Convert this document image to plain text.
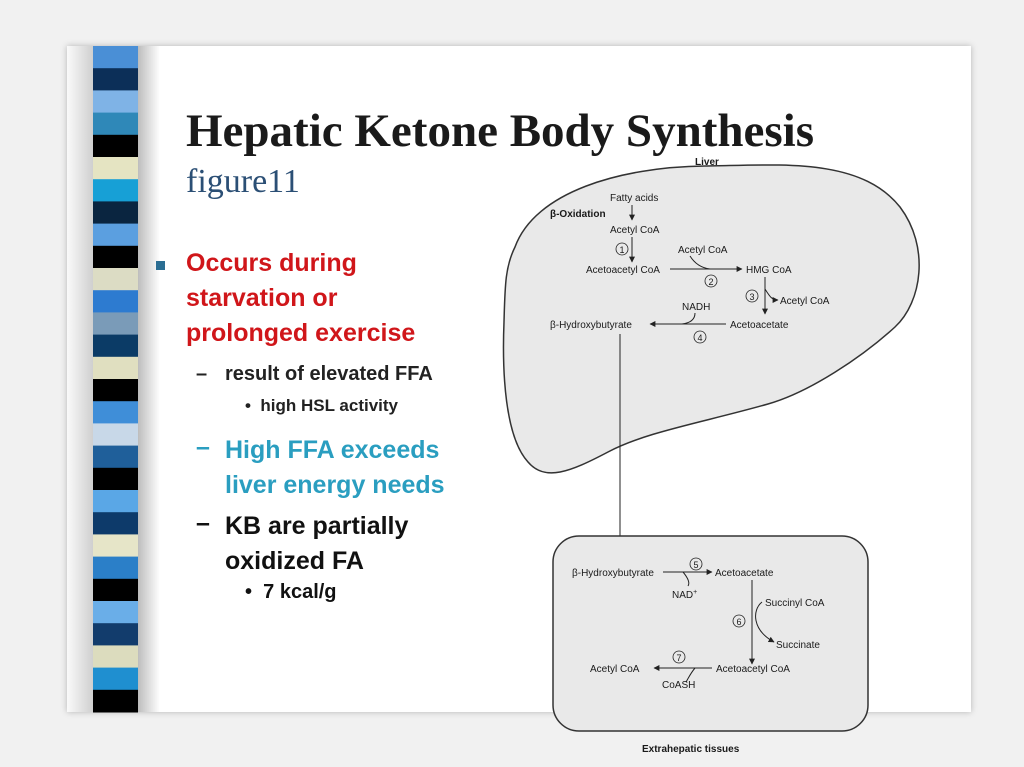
Hepatic Ketone Body Synthesis
figure11
Occurs during
starvation or
prolonged exercise
– result of elevated FFA
• high HSL activity
– High FFA exceeds
liver energy needs
– KB are partially
oxidized FA
• 7 kcal/g
Liver
Fatty acids
β-Oxidation
Acetyl CoA
1	Acetyl CoA
Acetoacetyl CoA
2
HMG CoA
3	Acetyl CoA
NADH
β-Hydroxybutyrate	Acetoacetate
4
β-Hydroxybutyrate
5
NAD+
Acetoacetate
Succinyl CoA
6
Succinate
Acetyl CoA	Acetoacetyl CoA
7
CoASH
Extrahepatic tissues
